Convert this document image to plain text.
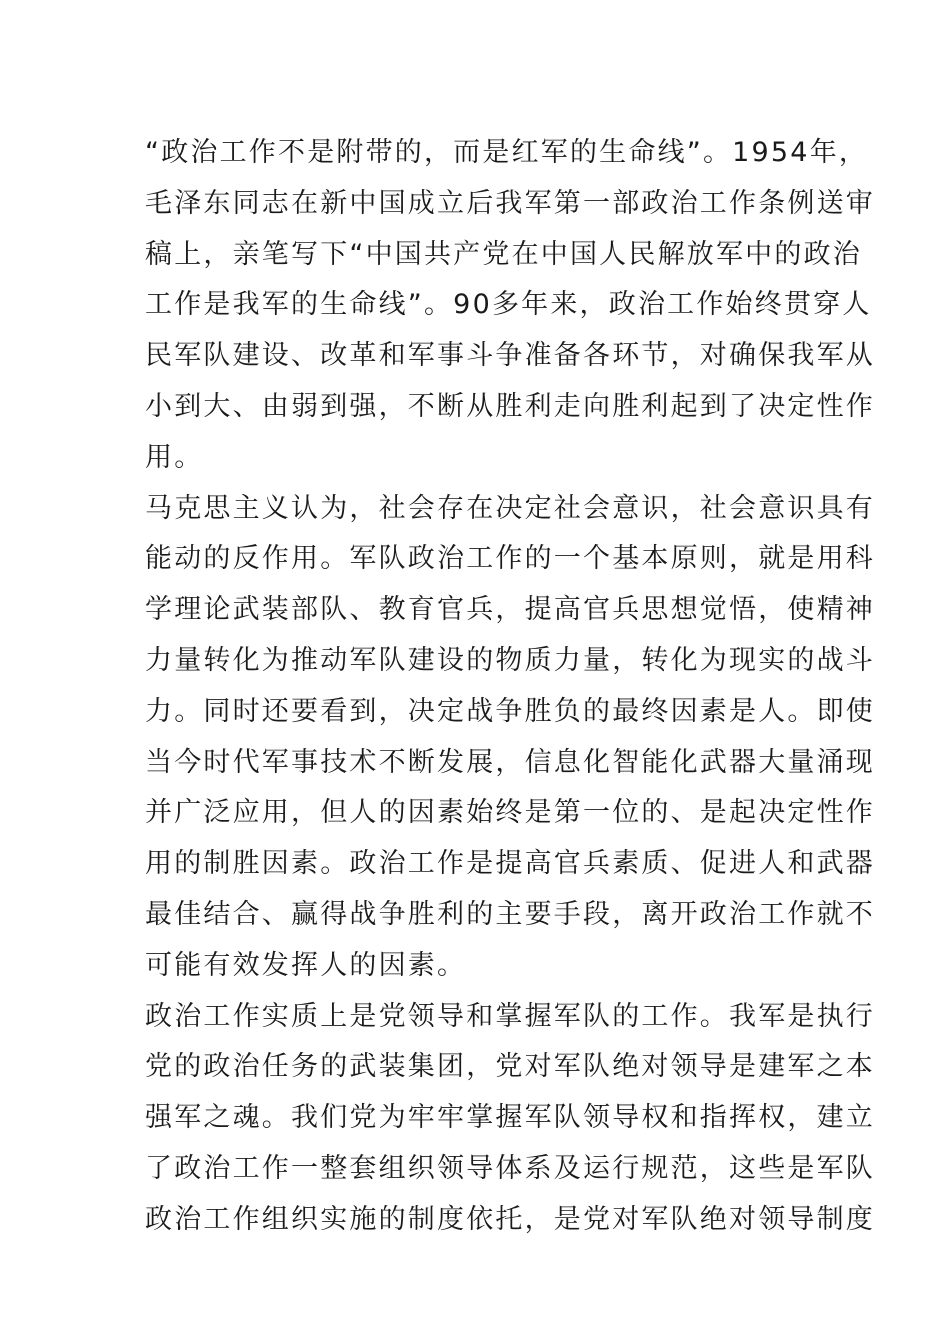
“政治工作不是附带的，而是红军的生命线”。1954年，
毛泽东同志在新中国成立后我军第一部政治工作条例送审
稿上，亲笔写下“中国共产党在中国人民解放军中的政治
工作是我军的生命线”。90多年来，政治工作始终贯穿人
民军队建设、改革和军事斗争准备各环节，对确保我军从
小到大、由弱到强，不断从胜利走向胜利起到了决定性作
用。
马克思主义认为，社会存在决定社会意识，社会意识具有
能动的反作用。军队政治工作的一个基本原则，就是用科
学理论武装部队、教育官兵，提高官兵思想觉悟，使精神
力量转化为推动军队建设的物质力量，转化为现实的战斗
力。同时还要看到，决定战争胜负的最终因素是人。即使
当今时代军事技术不断发展，信息化智能化武器大量涌现
并广泛应用，但人的因素始终是第一位的、是起决定性作
用的制胜因素。政治工作是提高官兵素质、促进人和武器
最佳结合、赢得战争胜利的主要手段，离开政治工作就不
可能有效发挥人的因素。
政治工作实质上是党领导和掌握军队的工作。我军是执行
党的政治任务的武装集团，党对军队绝对领导是建军之本
强军之魂。我们党为牢牢掌握军队领导权和指挥权，建立
了政治工作一整套组织领导体系及运行规范，这些是军队
政治工作组织实施的制度依托，是党对军队绝对领导制度
